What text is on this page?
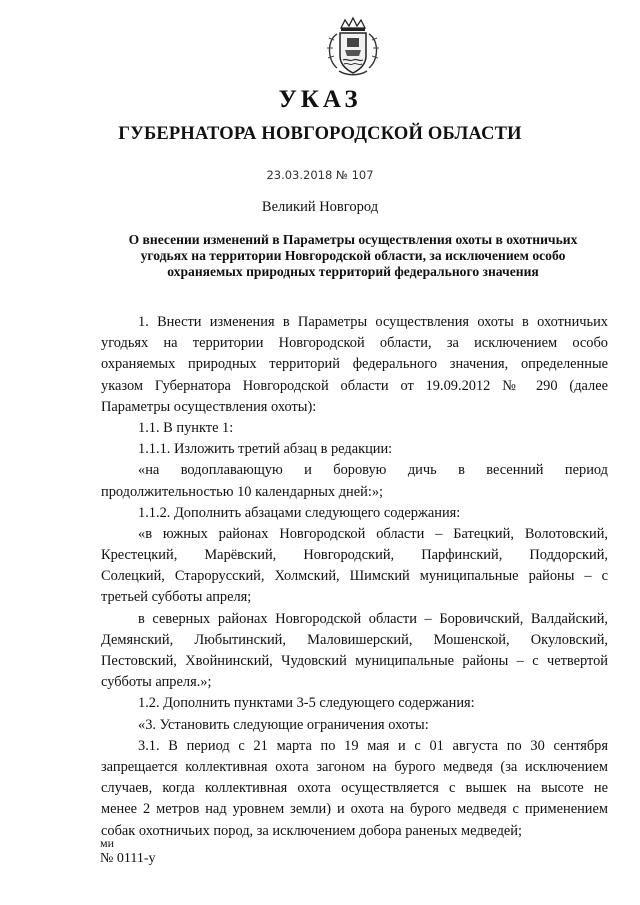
УКАЗ
ГУБЕРНАТОРА НОВГОРОДСКОЙ ОБЛАСТИ
23.03.2018 № 107
Великий Новгород
О внесении изменений в Параметры осуществления охоты в охотничьих
угодьях на территории Новгородской области, за исключением особо
охраняемых природных территорий федерального значения
1. Внести изменения в Параметры осуществления охоты в охотничьих
угодьях на территории Новгородской области, за исключением особо
охраняемых природных территорий федерального значения, определенные
указом Губернатора Новгородской области от 19.09.2012 № 290 (далее
Параметры осуществления охоты):
1.1. В пункте 1:
1.1.1. Изложить третий абзац в редакции:
«на водоплавающую и боровую дичь в весенний период
продолжительностью 10 календарных дней:»;
1.1.2. Дополнить абзацами следующего содержания:
«в южных районах Новгородской области – Батецкий, Волотовский,
Крестецкий, Марёвский, Новгородский, Парфинский, Поддорский,
Солецкий, Старорусский, Холмский, Шимский муниципальные районы – с
третьей субботы апреля;
в северных районах Новгородской области – Боровичский, Валдайский,
Демянский, Любытинский, Маловишерский, Мошенской, Окуловский,
Пестовский, Хвойнинский, Чудовский муниципальные районы – с четвертой
субботы апреля.»;
1.2. Дополнить пунктами 3-5 следующего содержания:
«3. Установить следующие ограничения охоты:
3.1. В период с 21 марта по 19 мая и с 01 августа по 30 сентября
запрещается коллективная охота загоном на бурого медведя (за исключением
случаев, когда коллективная охота осуществляется с вышек на высоте не
менее 2 метров над уровнем земли) и охота на бурого медведя с применением
собак охотничьих пород, за исключением добора раненых медведей;
ми
№ 0111-у
